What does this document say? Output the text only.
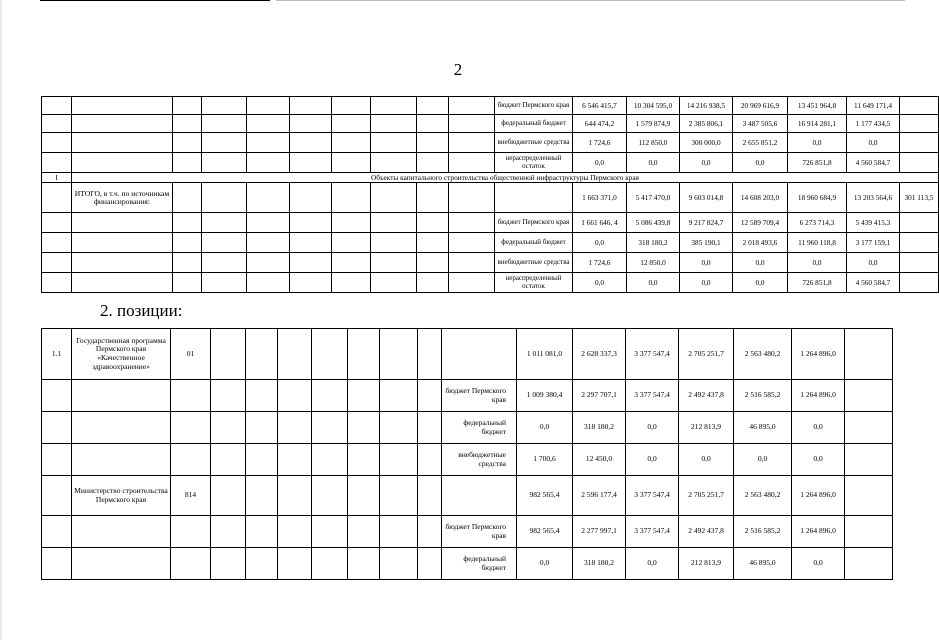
2
										бюджет Пермского края	6 546 415,7	10 304 595,0	14 216 938,5	20 969 616,9	13 451 964,8	11 649 171,4	
										федеральный бюджет	644 474,2	1 579 874,9	2 385 806,1	3 487 505,6	16 914 281,1	1 177 434,5	
										внебюджетные средства	1 724,6	112 850,0	300 000,0	2 655 851,2	0,0	0,0	
										нераспределенный остаток	0,0	0,0	0,0	0,0	726 851,8	4 560 584,7	
I	Объекты капитального строительства общественной инфраструктуры Пермского края																
	ИТОГО, в т.ч. по источникам финансирования:										1 663 371,0	5 417 470,0	9 603 014,8	14 608 203,0	18 960 684,9	13 203 564,6	301 113,5
										бюджет Пермского края	1 661 646, 4	5 086 439,8	9 217 824,7	12 589 709,4	6 273 714,3	5 439 415,3	
										федеральный бюджет	0,0	318 180,2	385 190,1	2 018 493,6	11 960 118,8	3 177 159,1	
										внебюджетные средства	1 724,6	12 850,0	0,0	0,0	0,0	0,0	
										нераспределенный остаток	0,0	0,0	0,0	0,0	726 851,8	4 560 584,7	
2. позиции:
1.1	Государственная программа Пермского края «Качественное здравоохранение»	01									1 011 081,0	2 628 337,3	3 377 547,4	2 705 251,7	2 563 480,2	1 264 896,0	
										бюджет Пермского края	1 009 380,4	2 297 707,1	3 377 547,4	2 492 437,8	2 516 585,2	1 264 896,0	
										федеральный бюджет	0,0	318 180,2	0,0	212 813,9	46 895,0	0,0	
										внебюджетные средства	1 700,6	12 450,0	0,0	0,0	0,0	0,0	
	Министерство строительства Пермского края	814									982 565,4	2 596 177,4	3 377 547,4	2 705 251,7	2 563 480,2	1 264 896,0	
										бюджет Пермского края	982 565,4	2 277 997,1	3 377 547,4	2 492 437,8	2 516 585,2	1 264 896,0	
										федеральный бюджет	0,0	318 180,2	0,0	212 813,9	46 895,0	0,0	
